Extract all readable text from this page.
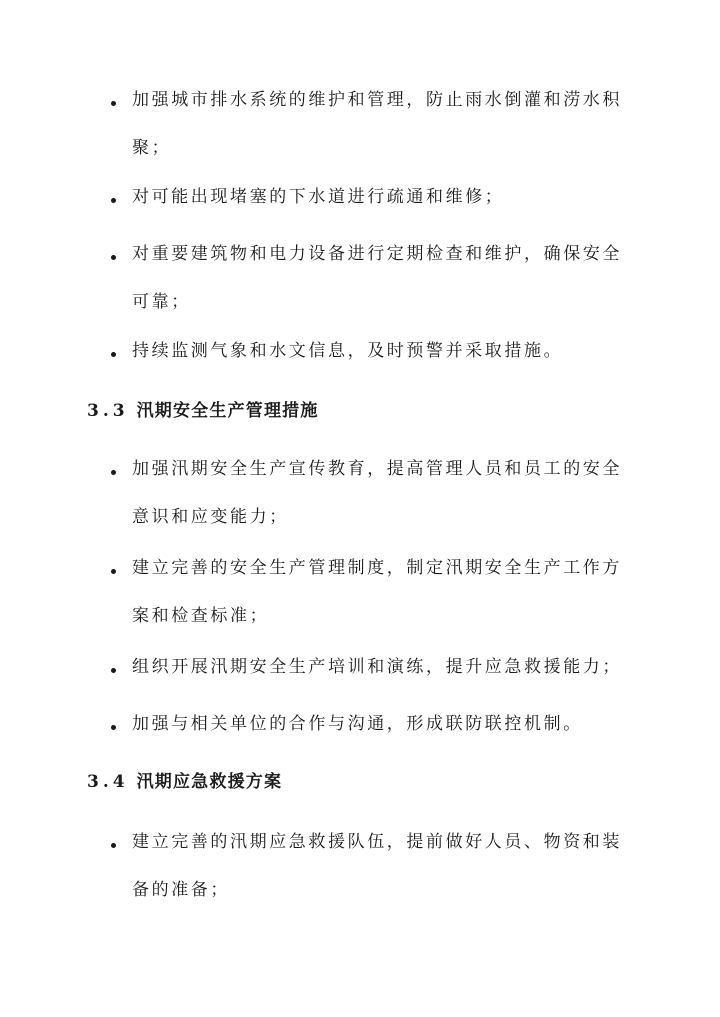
加强城市排水系统的维护和管理，防止雨水倒灌和涝水积聚；
对可能出现堵塞的下水道进行疏通和维修；
对重要建筑物和电力设备进行定期检查和维护，确保安全可靠；
持续监测气象和水文信息，及时预警并采取措施。
3.3 汛期安全生产管理措施
加强汛期安全生产宣传教育，提高管理人员和员工的安全意识和应变能力；
建立完善的安全生产管理制度，制定汛期安全生产工作方案和检查标准；
组织开展汛期安全生产培训和演练，提升应急救援能力；
加强与相关单位的合作与沟通，形成联防联控机制。
3.4 汛期应急救援方案
建立完善的汛期应急救援队伍，提前做好人员、物资和装备的准备；
